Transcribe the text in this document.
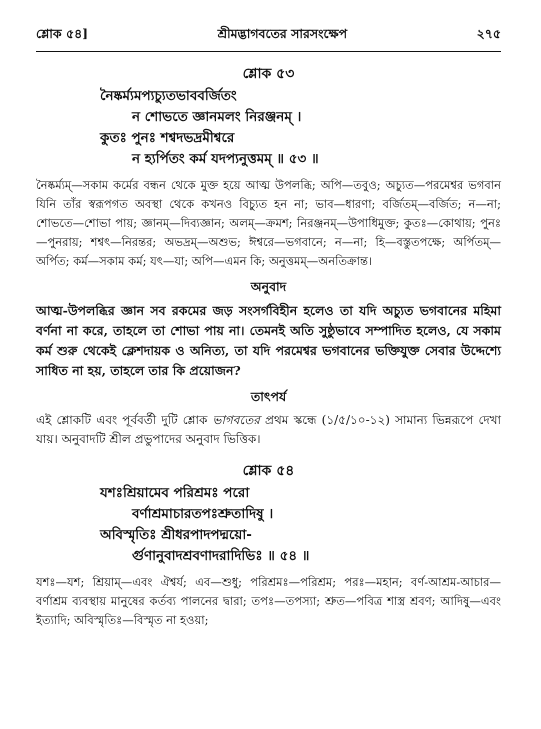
শ্লোক ৫৪]	শ্রীমদ্ভাগবতের সারসংক্ষেপ	২৭৫
শ্লোক ৫৩
নৈষ্কর্ম্যমপ্যচ্যুতভাববর্জিতং
ন শোভতে জ্ঞানমলং নিরঞ্জনম্ ।
কুতঃ পুনঃ শশ্বদভদ্রমীশ্বরে
ন হ্যর্পিতং কর্ম যদপ্যনুত্তমম্ ॥ ৫৩ ॥
নৈষ্কর্ম্যম্—সকাম কর্মের বন্ধন থেকে মুক্ত হয়ে আত্ম উপলব্ধি; অপি—তবুও; অচ্যুত—পরমেশ্বর ভগবান যিনি তাঁর স্বরূপগত অবস্থা থেকে কখনও বিচ্যুত হন না; ভাব—ধারণা; বর্জিতম্—বর্জিত; ন—না; শোভতে—শোভা পায়; জ্ঞানম্—দিব্যজ্ঞান; অলম্—ক্রমশ; নিরঞ্জনম্—উপাধিমুক্ত; কুতঃ—কোথায়; পুনঃ—পুনরায়; শশ্বৎ—নিরন্তর; অভদ্রম্—অশুভ; ঈশ্বরে—ভগবানে; ন—না; হি—বস্তুতপক্ষে; অর্পিতম্—অর্পিত; কর্ম—সকাম কর্ম; যৎ—যা; অপি—এমন কি; অনুত্তমম্—অনতিক্রান্ত।
অনুবাদ
আত্ম-উপলব্ধির জ্ঞান সব রকমের জড় সংসর্গবিহীন হলেও তা যদি অচ্যুত ভগবানের মহিমা বর্ণনা না করে, তাহলে তা শোভা পায় না। তেমনই অতি সুষ্ঠুভাবে সম্পাদিত হলেও, যে সকাম কর্ম শুরু থেকেই ক্লেশদায়ক ও অনিত্য, তা যদি পরমেশ্বর ভগবানের ভক্তিযুক্ত সেবার উদ্দেশ্যে সাধিত না হয়, তাহলে তার কি প্রয়োজন?
তাৎপর্য
এই শ্লোকটি এবং পূর্ববর্তী দুটি শ্লোক ভাগবতের প্রথম স্কন্ধে (১/৫/১০-১২) সামান্য ভিন্নরূপে দেখা যায়। অনুবাদটি শ্রীল প্রভুপাদের অনুবাদ ভিত্তিক।
শ্লোক ৫৪
যশঃশ্রিয়ামেব পরিশ্রমঃ পরো
বর্ণাশ্রমাচারতপঃশ্রুতাদিষু ।
অবিস্মৃতিঃ শ্রীধরপাদপদ্ময়ো-
র্গুণানুবাদশ্রবণাদরাদিভিঃ ॥ ৫৪ ॥
যশঃ—যশ; শ্রিয়াম্—এবং ঐশ্বর্য; এব—শুধু; পরিশ্রমঃ—পরিশ্রম; পরঃ—মহান; বর্ণ-আশ্রম-আচার—বর্ণাশ্রম ব্যবস্থায় মানুষের কর্তব্য পালনের দ্বারা; তপঃ—তপস্যা; শ্রুত—পবিত্র শাস্ত্র শ্রবণ; আদিষু—এবং ইত্যাদি; অবিস্মৃতিঃ—বিস্মৃত না হওয়া;
